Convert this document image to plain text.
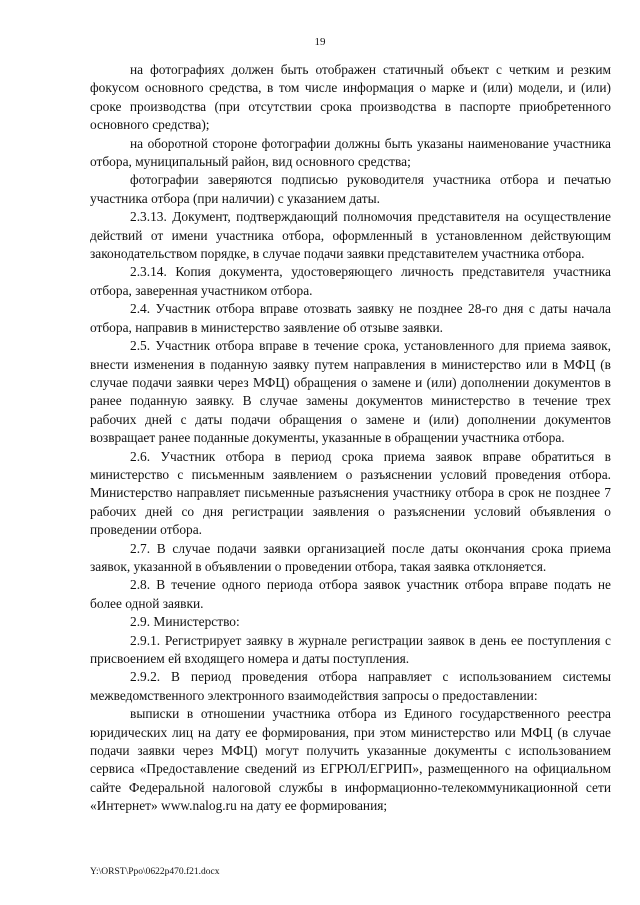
19

на фотографиях должен быть отображен статичный объект с четким и резким фокусом основного средства, в том числе информация о марке и (или) модели, и (или) сроке производства (при отсутствии срока производства в паспорте приобретенного основного средства);

на оборотной стороне фотографии должны быть указаны наименование участника отбора, муниципальный район, вид основного средства;

фотографии заверяются подписью руководителя участника отбора и печатью участника отбора (при наличии) с указанием даты.

2.3.13. Документ, подтверждающий полномочия представителя на осуществление действий от имени участника отбора, оформленный в установленном действующим законодательством порядке, в случае подачи заявки представителем участника отбора.

2.3.14. Копия документа, удостоверяющего личность представителя участника отбора, заверенная участником отбора.

2.4. Участник отбора вправе отозвать заявку не позднее 28-го дня с даты начала отбора, направив в министерство заявление об отзыве заявки.

2.5. Участник отбора вправе в течение срока, установленного для приема заявок, внести изменения в поданную заявку путем направления в министерство или в МФЦ (в случае подачи заявки через МФЦ) обращения о замене и (или) дополнении документов в ранее поданную заявку. В случае замены документов министерство в течение трех рабочих дней с даты подачи обращения о замене и (или) дополнении документов возвращает ранее поданные документы, указанные в обращении участника отбора.

2.6. Участник отбора в период срока приема заявок вправе обратиться в министерство с письменным заявлением о разъяснении условий проведения отбора. Министерство направляет письменные разъяснения участнику отбора в срок не позднее 7 рабочих дней со дня регистрации заявления о разъяснении условий объявления о проведении отбора.

2.7. В случае подачи заявки организацией после даты окончания срока приема заявок, указанной в объявлении о проведении отбора, такая заявка отклоняется.

2.8. В течение одного периода отбора заявок участник отбора вправе подать не более одной заявки.

2.9. Министерство:

2.9.1. Регистрирует заявку в журнале регистрации заявок в день ее поступления с присвоением ей входящего номера и даты поступления.

2.9.2. В период проведения отбора направляет с использованием системы межведомственного электронного взаимодействия запросы о предоставлении:

выписки в отношении участника отбора из Единого государственного реестра юридических лиц на дату ее формирования, при этом министерство или МФЦ (в случае подачи заявки через МФЦ) могут получить указанные документы с использованием сервиса «Предоставление сведений из ЕГРЮЛ/ЕГРИП», размещенного на официальном сайте Федеральной налоговой службы в информационно-телекоммуникационной сети «Интернет» www.nalog.ru на дату ее формирования;

Y:\ORST\Ppo\0622p470.f21.docx
